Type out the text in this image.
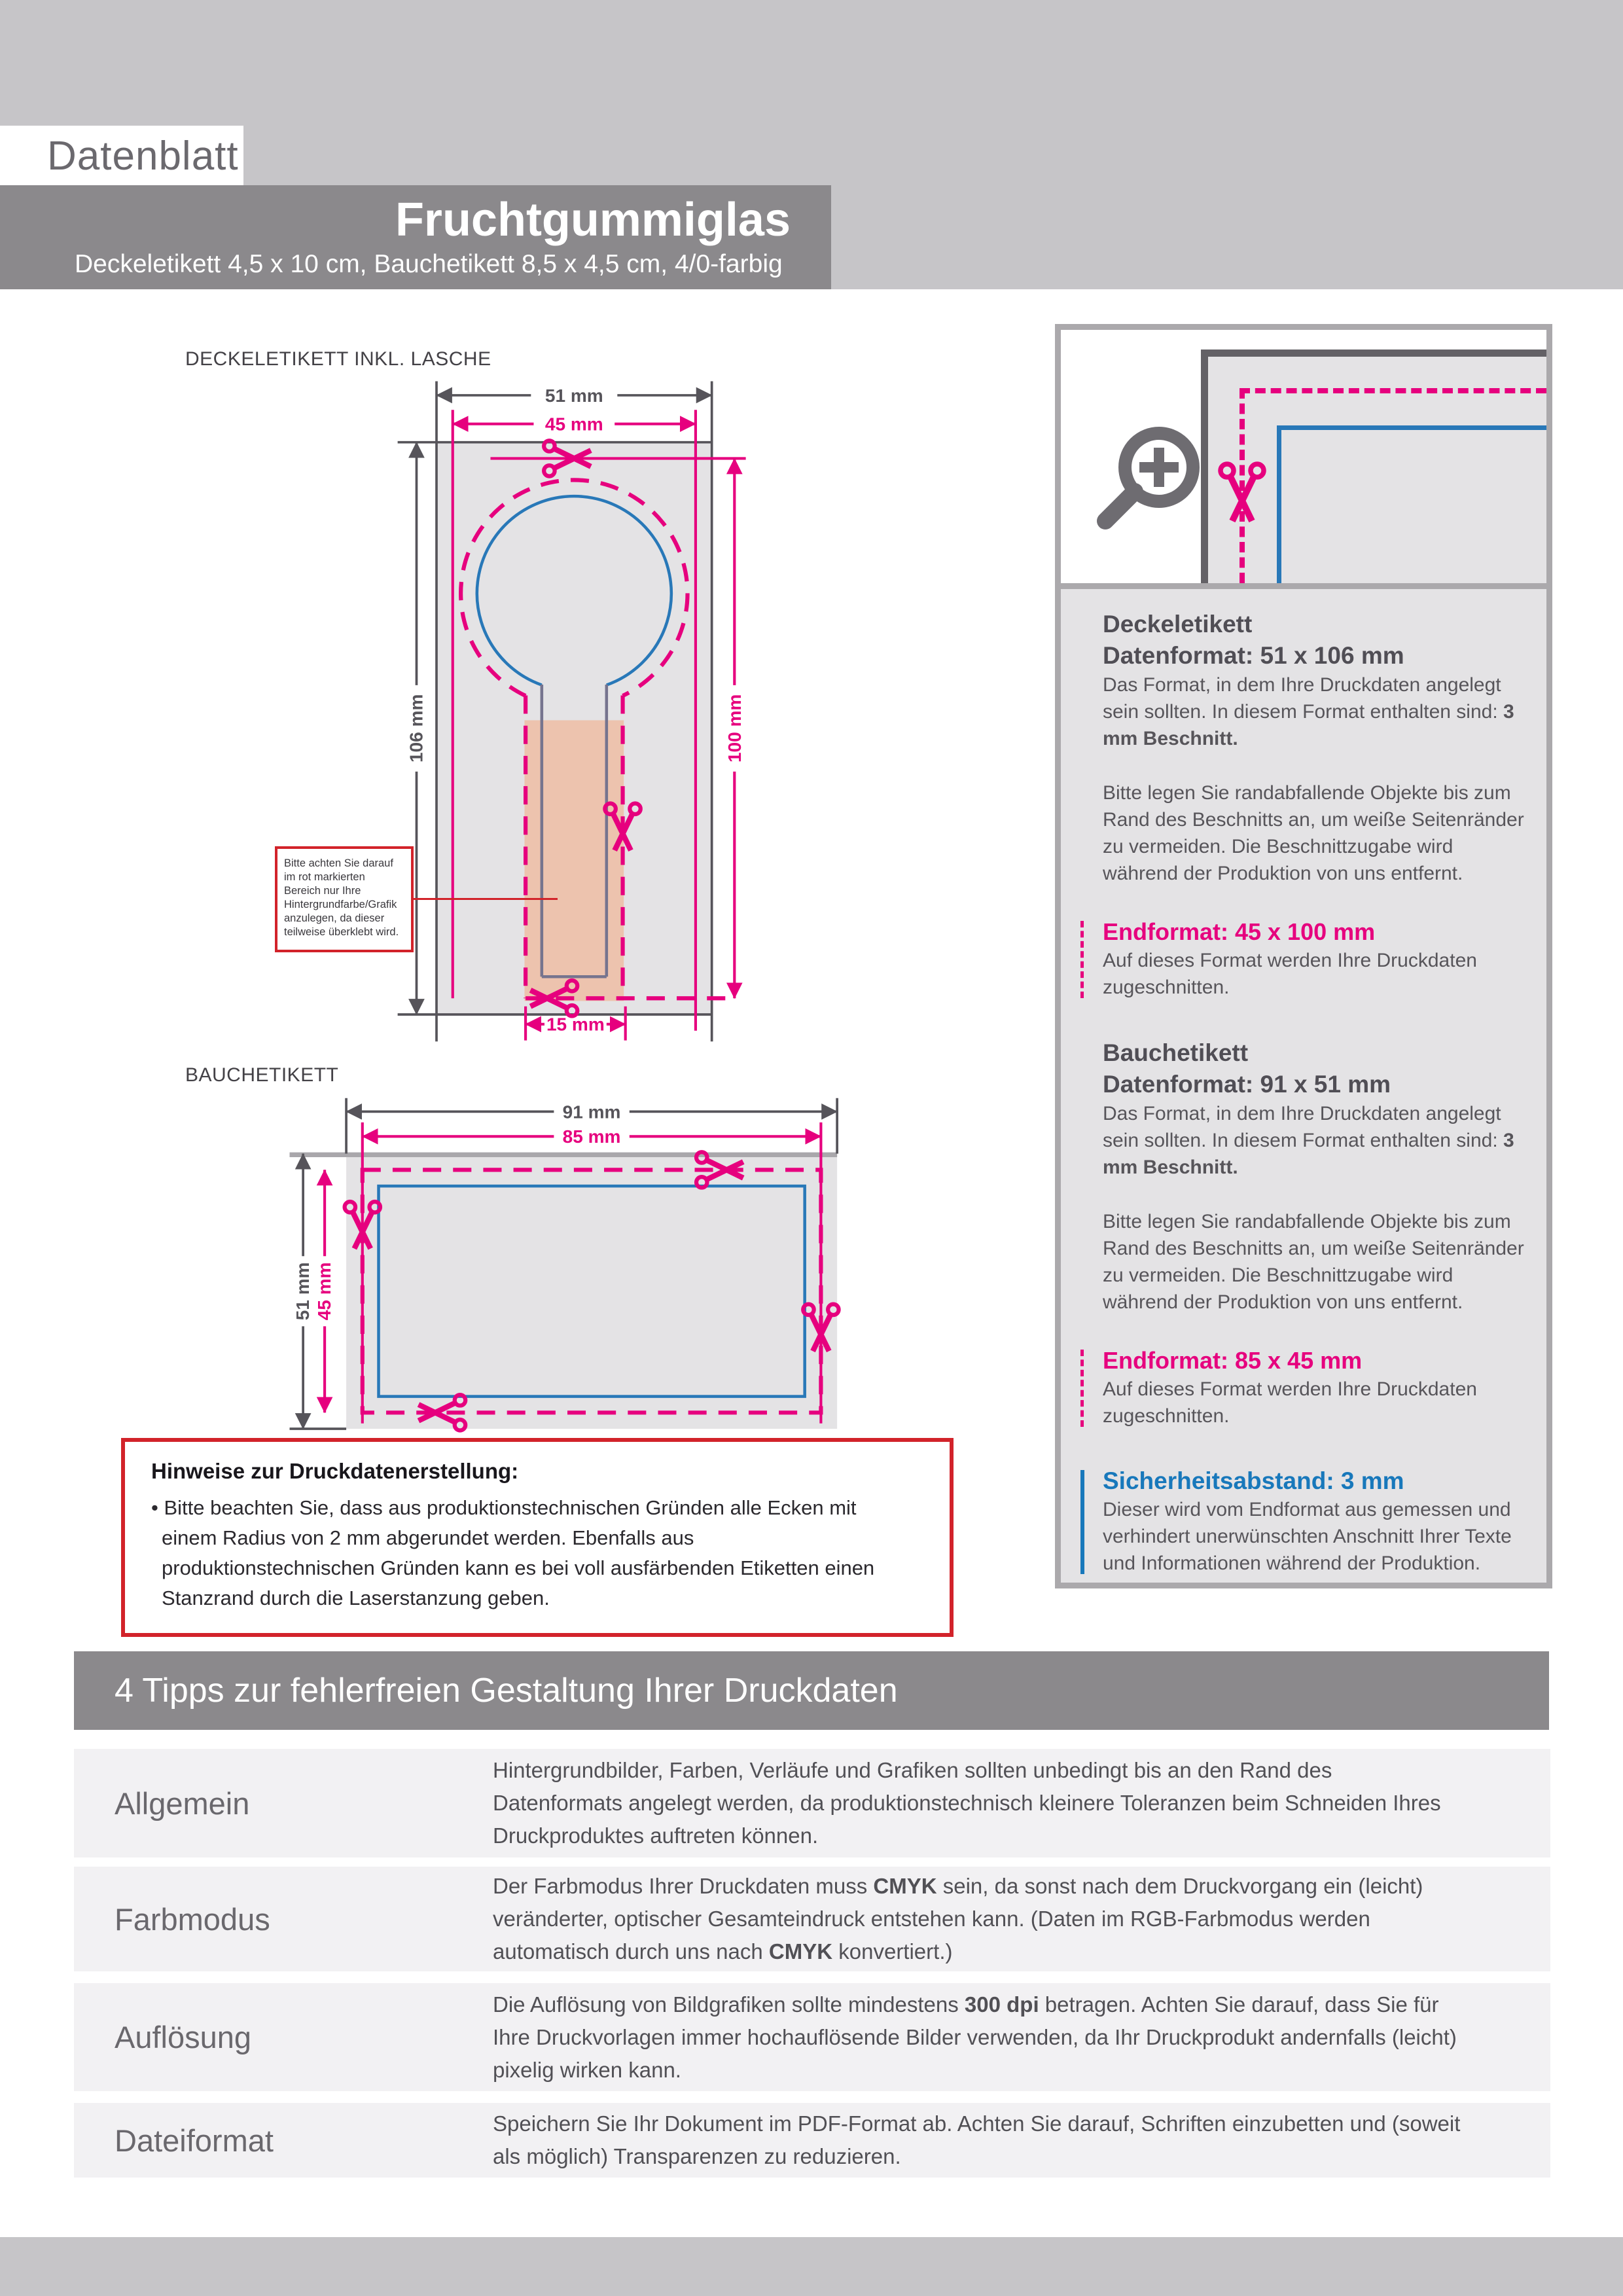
Datenblatt
Fruchtgummiglas
Deckeletikett 4,5 x 10 cm, Bauchetikett 8,5 x 4,5 cm, 4/0-farbig
DECKELETIKETT INKL. LASCHE
51 mm
45 mm
106 mm	100 mm
15 mm
Bitte achten Sie darauf im rot markierten Bereich nur Ihre Hintergrundfarbe/Grafik anzulegen, da dieser teilweise überklebt wird.
BAUCHETIKETT
91 mm
85 mm
51 mm 45 mm
Deckeletikett
Datenformat: 51 x 106 mm
Das Format, in dem Ihre Druckdaten angelegt sein sollten. In diesem Format enthalten sind: 3 mm Beschnitt.
Bitte legen Sie randabfallende Objekte bis zum Rand des Beschnitts an, um weiße Seitenränder zu vermeiden. Die Beschnittzugabe wird während der Produktion von uns entfernt.
Endformat: 45 x 100 mm
Auf dieses Format werden Ihre Druckdaten zugeschnitten.
Bauchetikett
Datenformat: 91 x 51 mm
Das Format, in dem Ihre Druckdaten angelegt sein sollten. In diesem Format enthalten sind: 3 mm Beschnitt.
Bitte legen Sie randabfallende Objekte bis zum Rand des Beschnitts an, um weiße Seitenränder zu vermeiden. Die Beschnittzugabe wird während der Produktion von uns entfernt.
Endformat: 85 x 45 mm
Auf dieses Format werden Ihre Druckdaten zugeschnitten.
Sicherheitsabstand: 3 mm
Dieser wird vom Endformat aus gemessen und verhindert unerwünschten Anschnitt Ihrer Texte und Informationen während der Produktion.
Hinweise zur Druckdatenerstellung:

• Bitte beachten Sie, dass aus produktionstechnischen Gründen alle Ecken mit einem Radius von 2 mm abgerundet werden. Ebenfalls aus produktionstechnischen Gründen kann es bei voll ausfärbenden Etiketten einen Stanzrand durch die Laserstanzung geben.

4 Tipps zur fehlerfreien Gestaltung Ihrer Druckdaten
Allgemein
Hintergrundbilder, Farben, Verläufe und Grafiken sollten unbedingt bis an den Rand des Datenformats angelegt werden, da produktionstechnisch kleinere Toleranzen beim Schneiden Ihres Druckproduktes auftreten können.
Farbmodus
Der Farbmodus Ihrer Druckdaten muss CMYK sein, da sonst nach dem Druckvorgang ein (leicht) veränderter, optischer Gesamteindruck entstehen kann. (Daten im RGB-Farbmodus werden automatisch durch uns nach CMYK konvertiert.)
Auflösung
Die Auflösung von Bildgrafiken sollte mindestens 300 dpi betragen. Achten Sie darauf, dass Sie für Ihre Druckvorlagen immer hochauflösende Bilder verwenden, da Ihr Druckprodukt andernfalls (leicht) pixelig wirken kann.
Dateiformat	Speichern Sie Ihr Dokument im PDF-Format ab. Achten Sie darauf, Schriften einzubetten und (soweit als möglich) Transparenzen zu reduzieren.
